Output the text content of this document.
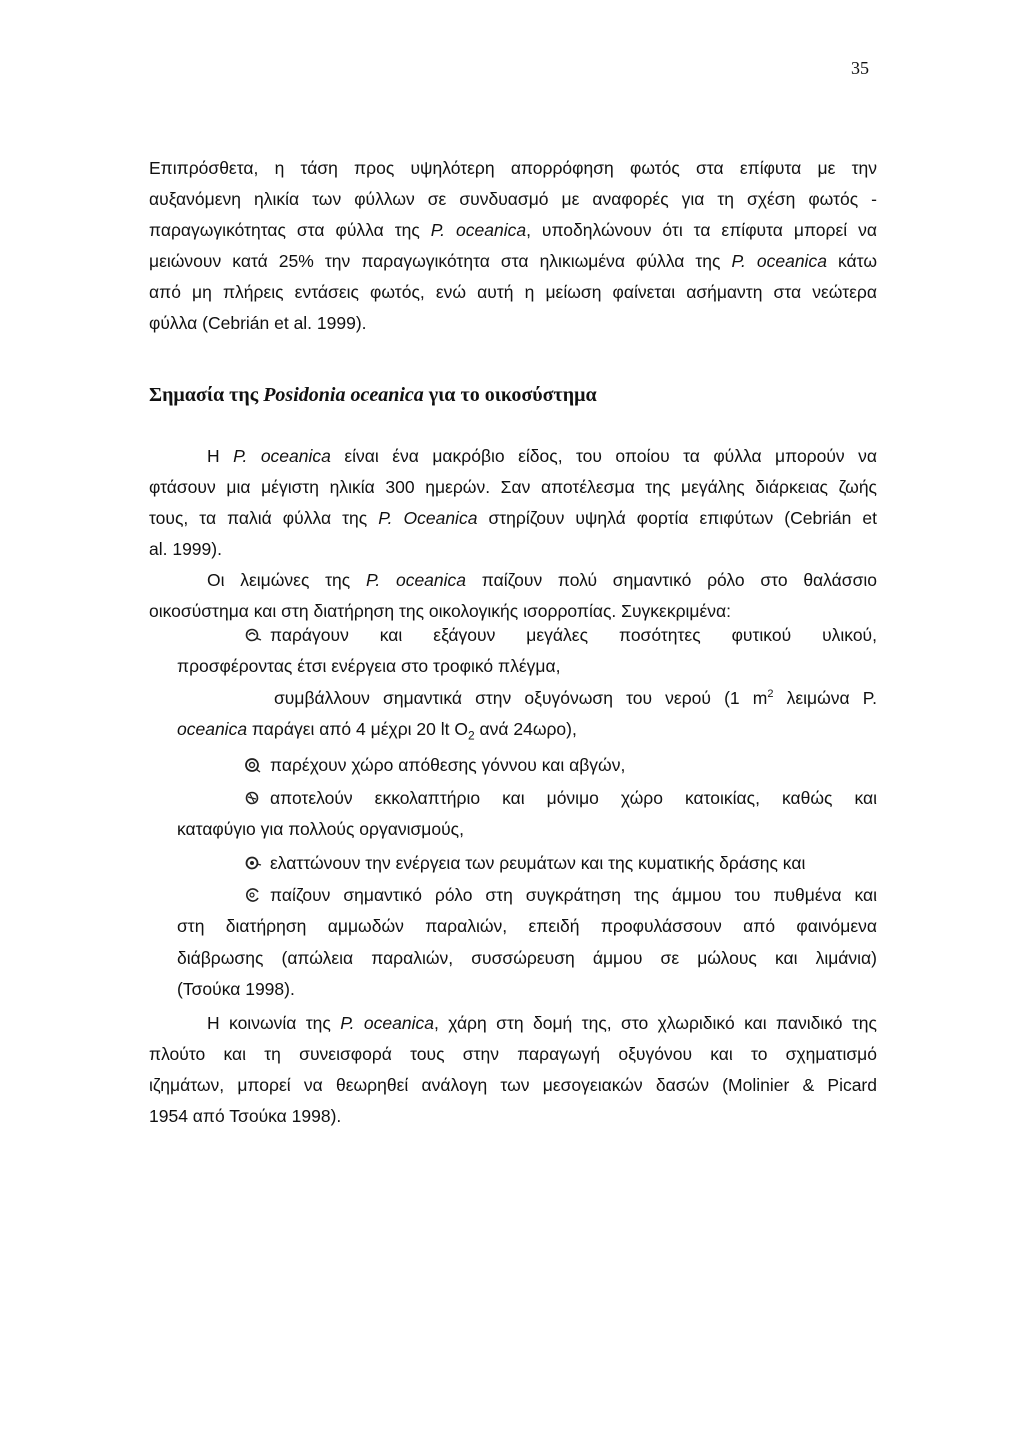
35
Επιπρόσθετα, η τάση προς υψηλότερη απορρόφηση φωτός στα επίφυτα με την
αυξανόμενη ηλικία των φύλλων σε συνδυασμό με αναφορές για τη σχέση φωτός -
παραγωγικότητας στα φύλλα της P. oceanica, υποδηλώνουν ότι τα επίφυτα μπορεί να
μειώνουν κατά 25% την παραγωγικότητα στα ηλικιωμένα φύλλα της P. oceanica κάτω
από μη πλήρεις εντάσεις φωτός, ενώ αυτή η μείωση φαίνεται ασήμαντη στα νεώτερα
φύλλα (Cebrián et al. 1999).
Σημασία της Posidonia oceanica για το οικοσύστημα
Η P. oceanica είναι ένα μακρόβιο είδος, του οποίου τα φύλλα μπορούν να
φτάσουν μια μέγιστη ηλικία 300 ημερών. Σαν αποτέλεσμα της μεγάλης διάρκειας ζωής
τους, τα παλιά φύλλα της P. Oceanica στηρίζουν υψηλά φορτία επιφύτων (Cebrián et
al. 1999).
Οι λειμώνες της P. oceanica παίζουν πολύ σημαντικό ρόλο στο θαλάσσιο
οικοσύστημα και στη διατήρηση της οικολογικής ισορροπίας. Συγκεκριμένα:
παράγουν και εξάγουν μεγάλες ποσότητες φυτικού υλικού,
προσφέροντας έτσι ενέργεια στο τροφικό πλέγμα,
συμβάλλουν σημαντικά στην οξυγόνωση του νερού (1 $m^2$ λειμώνα P.
oceanica παράγει από 4 μέχρι 20 lt $O_2$ ανά 24ωρο),
παρέχουν χώρο απόθεσης γόννου και αβγών,
αποτελούν εκκολαπτήριο και μόνιμο χώρο κατοικίας, καθώς και
καταφύγιο για πολλούς οργανισμούς,
ελαττώνουν την ενέργεια των ρευμάτων και της κυματικής δράσης και
παίζουν σημαντικό ρόλο στη συγκράτηση της άμμου του πυθμένα και
στη διατήρηση αμμωδών παραλιών, επειδή προφυλάσσουν από φαινόμενα
διάβρωσης (απώλεια παραλιών, συσσώρευση άμμου σε μώλους και λιμάνια)
(Τσούκα 1998).
Η κοινωνία της P. oceanica, χάρη στη δομή της, στο χλωριδικό και πανιδικό της
πλούτο και τη συνεισφορά τους στην παραγωγή οξυγόνου και το σχηματισμό
ιζημάτων, μπορεί να θεωρηθεί ανάλογη των μεσογειακών δασών (Molinier & Picard
1954 από Τσούκα 1998).
